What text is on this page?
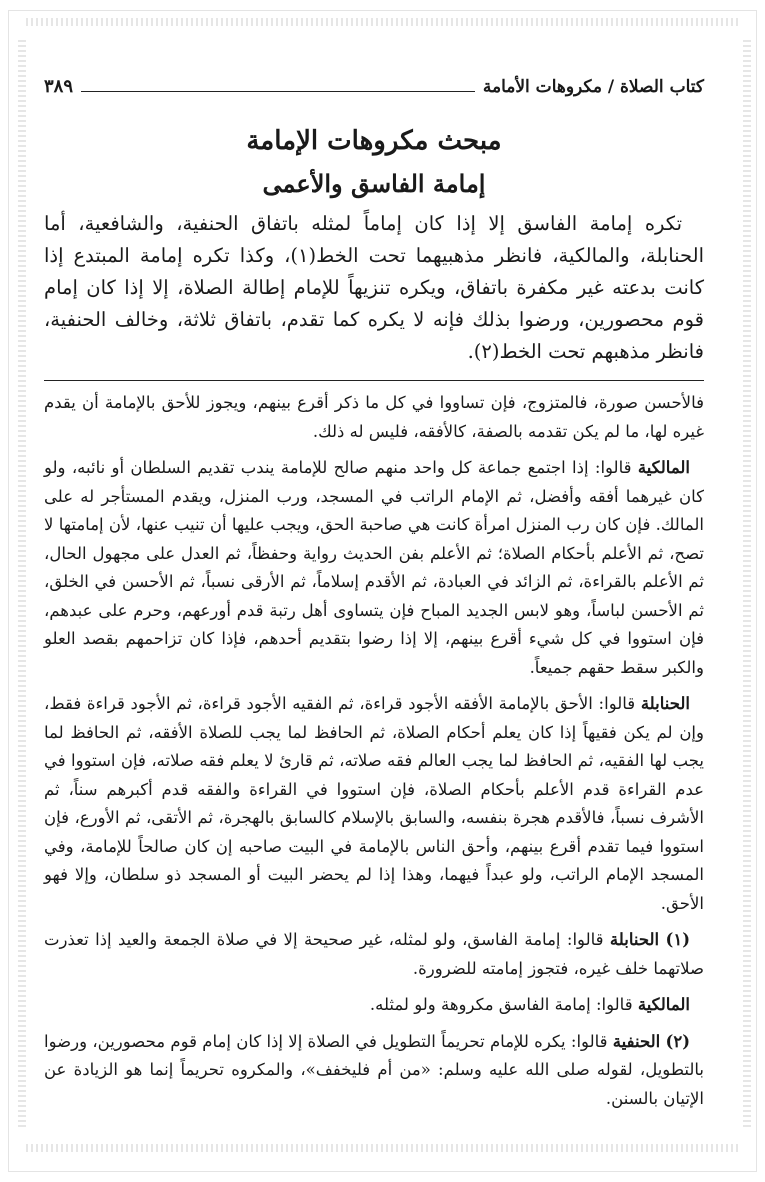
كتاب الصلاة / مكروهات الأمامة
٣٨٩
مبحث مكروهات الإمامة
إمامة الفاسق والأعمى

تكره إمامة الفاسق إلا إذا كان إماماً لمثله باتفاق الحنفية، والشافعية، أما الحنابلة، والمالكية، فانظر مذهبيهما تحت الخط(١)، وكذا تكره إمامة المبتدع إذا كانت بدعته غير مكفرة باتفاق، ويكره تنزيهاً للإمام إطالة الصلاة، إلا إذا كان إمام قوم محصورين، ورضوا بذلك فإنه لا يكره كما تقدم، باتفاق ثلاثة، وخالف الحنفية، فانظر مذهبهم تحت الخط(٢).

فالأحسن صورة، فالمتزوج، فإن تساووا في كل ما ذكر أقرع بينهم، ويجوز للأحق بالإمامة أن يقدم غيره لها، ما لم يكن تقدمه بالصفة، كالأفقه، فليس له ذلك.

المالكية قالوا: إذا اجتمع جماعة كل واحد منهم صالح للإمامة يندب تقديم السلطان أو نائبه، ولو كان غيرهما أفقه وأفضل، ثم الإمام الراتب في المسجد، ورب المنزل، ويقدم المستأجر له على المالك. فإن كان رب المنزل امرأة كانت هي صاحبة الحق، ويجب عليها أن تنيب عنها، لأن إمامتها لا تصح، ثم الأعلم بأحكام الصلاة؛ ثم الأعلم بفن الحديث رواية وحفظاً، ثم العدل على مجهول الحال، ثم الأعلم بالقراءة، ثم الزائد في العبادة، ثم الأقدم إسلاماً، ثم الأرقى نسباً، ثم الأحسن في الخلق، ثم الأحسن لباساً، وهو لابس الجديد المباح فإن يتساوى أهل رتبة قدم أورعهم، وحرم على عبدهم، فإن استووا في كل شيء أقرع بينهم، إلا إذا رضوا بتقديم أحدهم، فإذا كان تزاحمهم بقصد العلو والكبر سقط حقهم جميعاً.

الحنابلة قالوا: الأحق بالإمامة الأفقه الأجود قراءة، ثم الفقيه الأجود قراءة، ثم الأجود قراءة فقط، وإن لم يكن فقيهاً إذا كان يعلم أحكام الصلاة، ثم الحافظ لما يجب للصلاة الأفقه، ثم الحافظ لما يجب لها الفقيه، ثم الحافظ لما يجب العالم فقه صلاته، ثم قارئ لا يعلم فقه صلاته، فإن استووا في عدم القراءة قدم الأعلم بأحكام الصلاة، فإن استووا في القراءة والفقه قدم أكبرهم سناً، ثم الأشرف نسباً، فالأقدم هجرة بنفسه، والسابق بالإسلام كالسابق بالهجرة، ثم الأتقى، ثم الأورع، فإن استووا فيما تقدم أقرع بينهم، وأحق الناس بالإمامة في البيت صاحبه إن كان صالحاً للإمامة، وفي المسجد الإمام الراتب، ولو عبداً فيهما، وهذا إذا لم يحضر البيت أو المسجد ذو سلطان، وإلا فهو الأحق.

(١) الحنابلة قالوا: إمامة الفاسق، ولو لمثله، غير صحيحة إلا في صلاة الجمعة والعيد إذا تعذرت صلاتهما خلف غيره، فتجوز إمامته للضرورة.

المالكية قالوا: إمامة الفاسق مكروهة ولو لمثله.

(٢) الحنفية قالوا: يكره للإمام تحريماً التطويل في الصلاة إلا إذا كان إمام قوم محصورين، ورضوا بالتطويل، لقوله صلى الله عليه وسلم: «من أم فليخفف»، والمكروه تحريماً إنما هو الزيادة عن الإتيان بالسنن.
